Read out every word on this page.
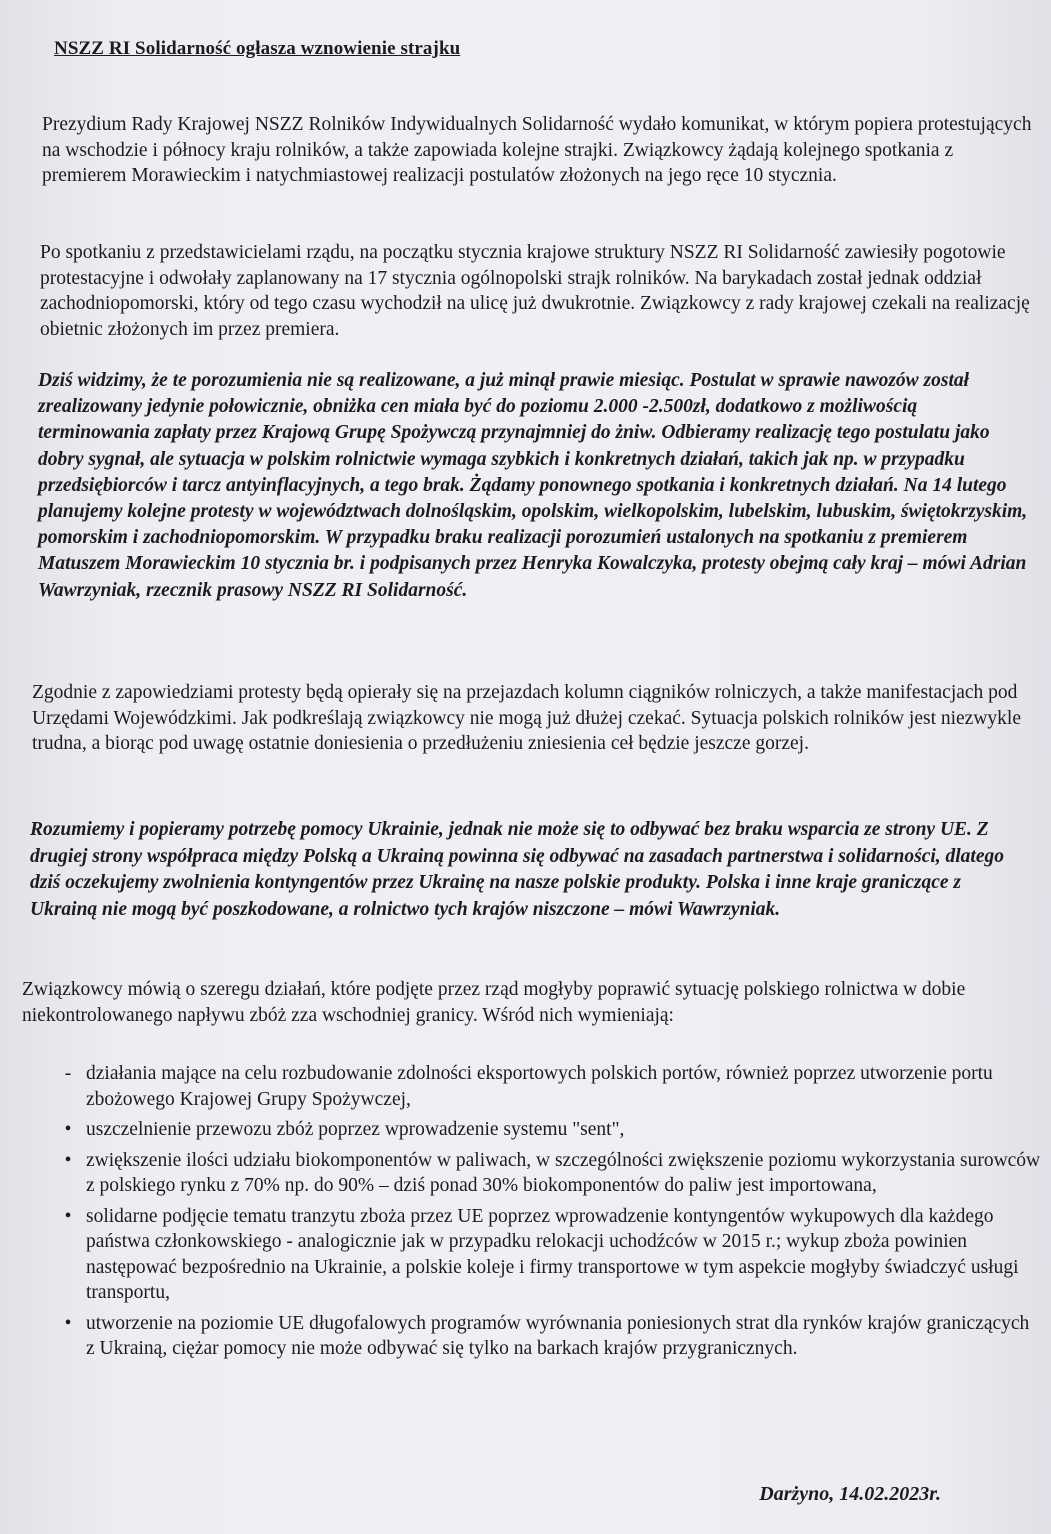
NSZZ RI Solidarność ogłasza wznowienie strajku

Prezydium Rady Krajowej NSZZ Rolników Indywidualnych Solidarność wydało komunikat, w którym popiera protestujących na wschodzie i północy kraju rolników, a także zapowiada kolejne strajki. Związkowcy żądają kolejnego spotkania z premierem Morawieckim i natychmiastowej realizacji postulatów złożonych na jego ręce 10 stycznia.

Po spotkaniu z przedstawicielami rządu, na początku stycznia krajowe struktury NSZZ RI Solidarność zawiesiły pogotowie protestacyjne i odwołały zaplanowany na 17 stycznia ogólnopolski strajk rolników. Na barykadach został jednak oddział zachodniopomorski, który od tego czasu wychodził na ulicę już dwukrotnie. Związkowcy z rady krajowej czekali na realizację obietnic złożonych im przez premiera.

Dziś widzimy, że te porozumienia nie są realizowane, a już minął prawie miesiąc. Postulat w sprawie nawozów został zrealizowany jedynie połowicznie, obniżka cen miała być do poziomu 2.000 -2.500zł, dodatkowo z możliwością terminowania zapłaty przez Krajową Grupę Spożywczą przynajmniej do żniw. Odbieramy realizację tego postulatu jako dobry sygnał, ale sytuacja w polskim rolnictwie wymaga szybkich i konkretnych działań, takich jak np. w przypadku przedsiębiorców i tarcz antyinflacyjnych, a tego brak. Żądamy ponownego spotkania i konkretnych działań. Na 14 lutego planujemy kolejne protesty w województwach dolnośląskim, opolskim, wielkopolskim, lubelskim, lubuskim, świętokrzyskim, pomorskim i zachodniopomorskim. W przypadku braku realizacji porozumień ustalonych na spotkaniu z premierem Matuszem Morawieckim 10 stycznia br. i podpisanych przez Henryka Kowalczyka, protesty obejmą cały kraj – mówi Adrian Wawrzyniak, rzecznik prasowy NSZZ RI Solidarność.

Zgodnie z zapowiedziami protesty będą opierały się na przejazdach kolumn ciągników rolniczych, a także manifestacjach pod Urzędami Wojewódzkimi. Jak podkreślają związkowcy nie mogą już dłużej czekać. Sytuacja polskich rolników jest niezwykle trudna, a biorąc pod uwagę ostatnie doniesienia o przedłużeniu zniesienia ceł będzie jeszcze gorzej.

Rozumiemy i popieramy potrzebę pomocy Ukrainie, jednak nie może się to odbywać bez braku wsparcia ze strony UE. Z drugiej strony współpraca między Polską a Ukrainą powinna się odbywać na zasadach partnerstwa i solidarności, dlatego dziś oczekujemy zwolnienia kontyngentów przez Ukrainę na nasze polskie produkty. Polska i inne kraje graniczące z Ukrainą nie mogą być poszkodowane, a rolnictwo tych krajów niszczone – mówi Wawrzyniak.

Związkowcy mówią o szeregu działań, które podjęte przez rząd mogłyby poprawić sytuację polskiego rolnictwa w dobie niekontrolowanego napływu zbóż zza wschodniej granicy. Wśród nich wymieniają:

- działania mające na celu rozbudowanie zdolności eksportowych polskich portów, również poprzez utworzenie portu zbożowego Krajowej Grupy Spożywczej,
• uszczelnienie przewozu zbóż poprzez wprowadzenie systemu "sent",
• zwiększenie ilości udziału biokomponentów w paliwach, w szczególności zwiększenie poziomu wykorzystania surowców z polskiego rynku z 70% np. do 90% – dziś ponad 30% biokomponentów do paliw jest importowana,
• solidarne podjęcie tematu tranzytu zboża przez UE poprzez wprowadzenie kontyngentów wykupowych dla każdego państwa członkowskiego - analogicznie jak w przypadku relokacji uchodźców w 2015 r.; wykup zboża powinien następować bezpośrednio na Ukrainie, a polskie koleje i firmy transportowe w tym aspekcie mogłyby świadczyć usługi transportu,
• utworzenie na poziomie UE długofalowych programów wyrównania poniesionych strat dla rynków krajów graniczących z Ukrainą, ciężar pomocy nie może odbywać się tylko na barkach krajów przygranicznych.
Darżyno, 14.02.2023r.
